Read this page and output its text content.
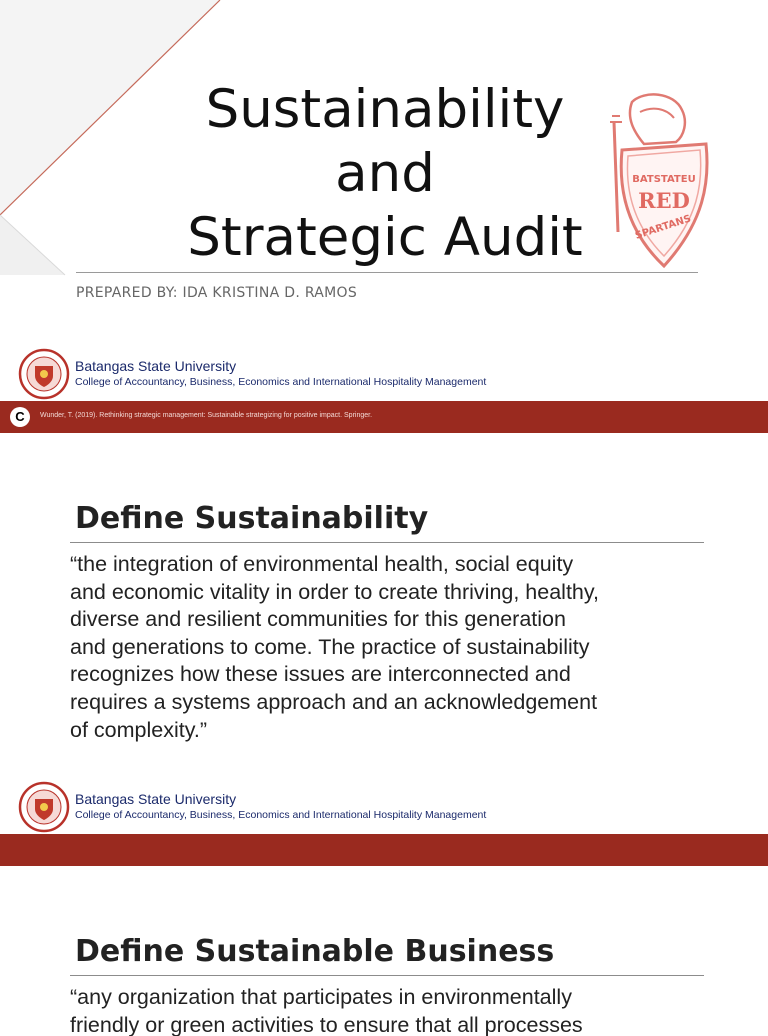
Sustainability
and
Strategic Audit
BATSTATEU
RED
SPARTANS
PREPARED BY: IDA KRISTINA D. RAMOS
Batangas State University
College of Accountancy, Business, Economics and International Hospitality Management
C	Wunder, T. (2019). Rethinking strategic management: Sustainable strategizing for positive impact. Springer.
Define Sustainability
“the integration of environmental health, social equity
and economic vitality in order to create thriving, healthy,
diverse and resilient communities for this generation
and generations to come. The practice of sustainability
recognizes how these issues are interconnected and
requires a systems approach and an acknowledgement
of complexity.”
Batangas State University
College of Accountancy, Business, Economics and International Hospitality Management
Define Sustainable Business
“any organization that participates in environmentally
friendly or green activities to ensure that all processes
